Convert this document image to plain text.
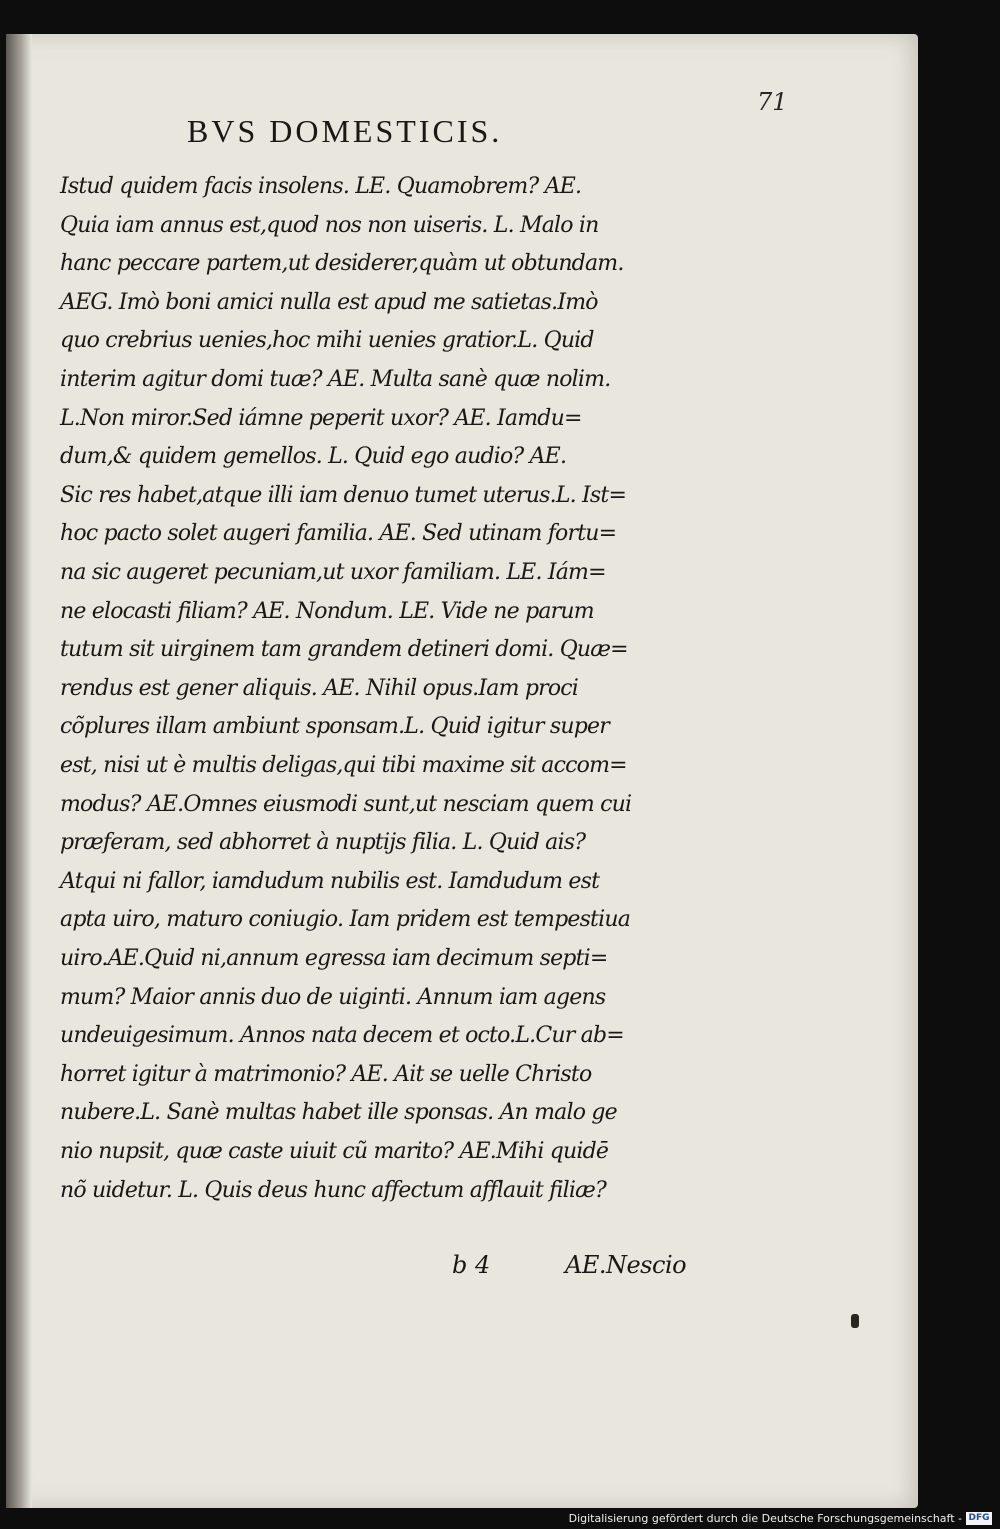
71
BVS DOMESTICIS.
Istud quidem facis insolens. LE. Quamobrem? AE.
Quia iam annus est,quod nos non uiseris. L. Malo in
hanc peccare partem,ut desiderer,quàm ut obtundam.
AEG. Imò boni amici nulla est apud me satietas.Imò
quo crebrius uenies,hoc mihi uenies gratior.L. Quid
interim agitur domi tuæ? AE. Multa sanè quæ nolim.
L.Non miror.Sed iámne peperit uxor? AE. Iamdu=
dum,& quidem gemellos. L. Quid ego audio? AE.
Sic res habet,atque illi iam denuo tumet uterus.L. Ist=
hoc pacto solet augeri familia. AE. Sed utinam fortu=
na sic augeret pecuniam,ut uxor familiam. LE. Iám=
ne elocasti filiam? AE. Nondum. LE. Vide ne parum
tutum sit uirginem tam grandem detineri domi. Quæ=
rendus est gener aliquis. AE. Nihil opus.Iam proci
cõplures illam ambiunt sponsam.L. Quid igitur super
est, nisi ut è multis deligas,qui tibi maxime sit accom=
modus? AE.Omnes eiusmodi sunt,ut nesciam quem cui
præferam, sed abhorret à nuptijs filia. L. Quid ais?
Atqui ni fallor, iamdudum nubilis est. Iamdudum est
apta uiro, maturo coniugio. Iam pridem est tempestiua
uiro.AE.Quid ni,annum egressa iam decimum septi=
mum? Maior annis duo de uiginti. Annum iam agens
undeuigesimum. Annos nata decem et octo.L.Cur ab=
horret igitur à matrimonio? AE. Ait se uelle Christo
nubere.L. Sanè multas habet ille sponsas. An malo ge
nio nupsit, quæ caste uiuit cũ marito? AE.Mihi quidē
nõ uidetur. L. Quis deus hunc affectum afflauit filiæ?
b 4	AE.Nescio
Digitalisierung gefördert durch die Deutsche Forschungsgemeinschaft - DFG
